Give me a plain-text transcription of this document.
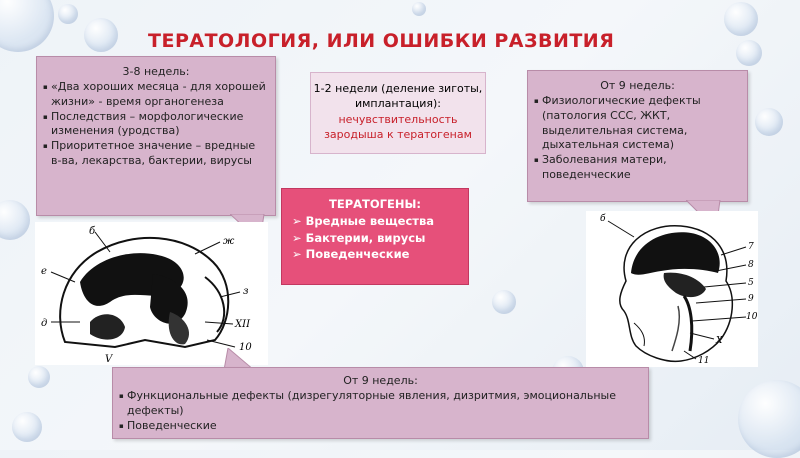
ТЕРАТОЛОГИЯ, ИЛИ ОШИБКИ РАЗВИТИЯ
3-8 недель:
▪ «Два хороших месяца - для хорошей жизни» - время органогенеза
▪ Последствия – морфологические изменения (уродства)
▪ Приоритетное значение – вредные в-ва, лекарства, бактерии, вирусы
1-2 недели (деление зиготы, имплантация):
нечувствительность зародыша к тератогенам
От 9 недель:
▪ Физиологические дефекты (патология ССС, ЖКТ, выделительная система, дыхательная система)
▪ Заболевания матери, поведенческие
ТЕРАТОГЕНЫ:
➢ Вредные вещества
➢ Бактерии, вирусы
➢ Поведенческие
б
ж
е
з
д	XII
10
V
б
7
8
5
9
10
X
11
От 9 недель:
▪ Функциональные дефекты (дизрегуляторные явления, дизритмия, эмоциональные дефекты)
▪ Поведенческие
